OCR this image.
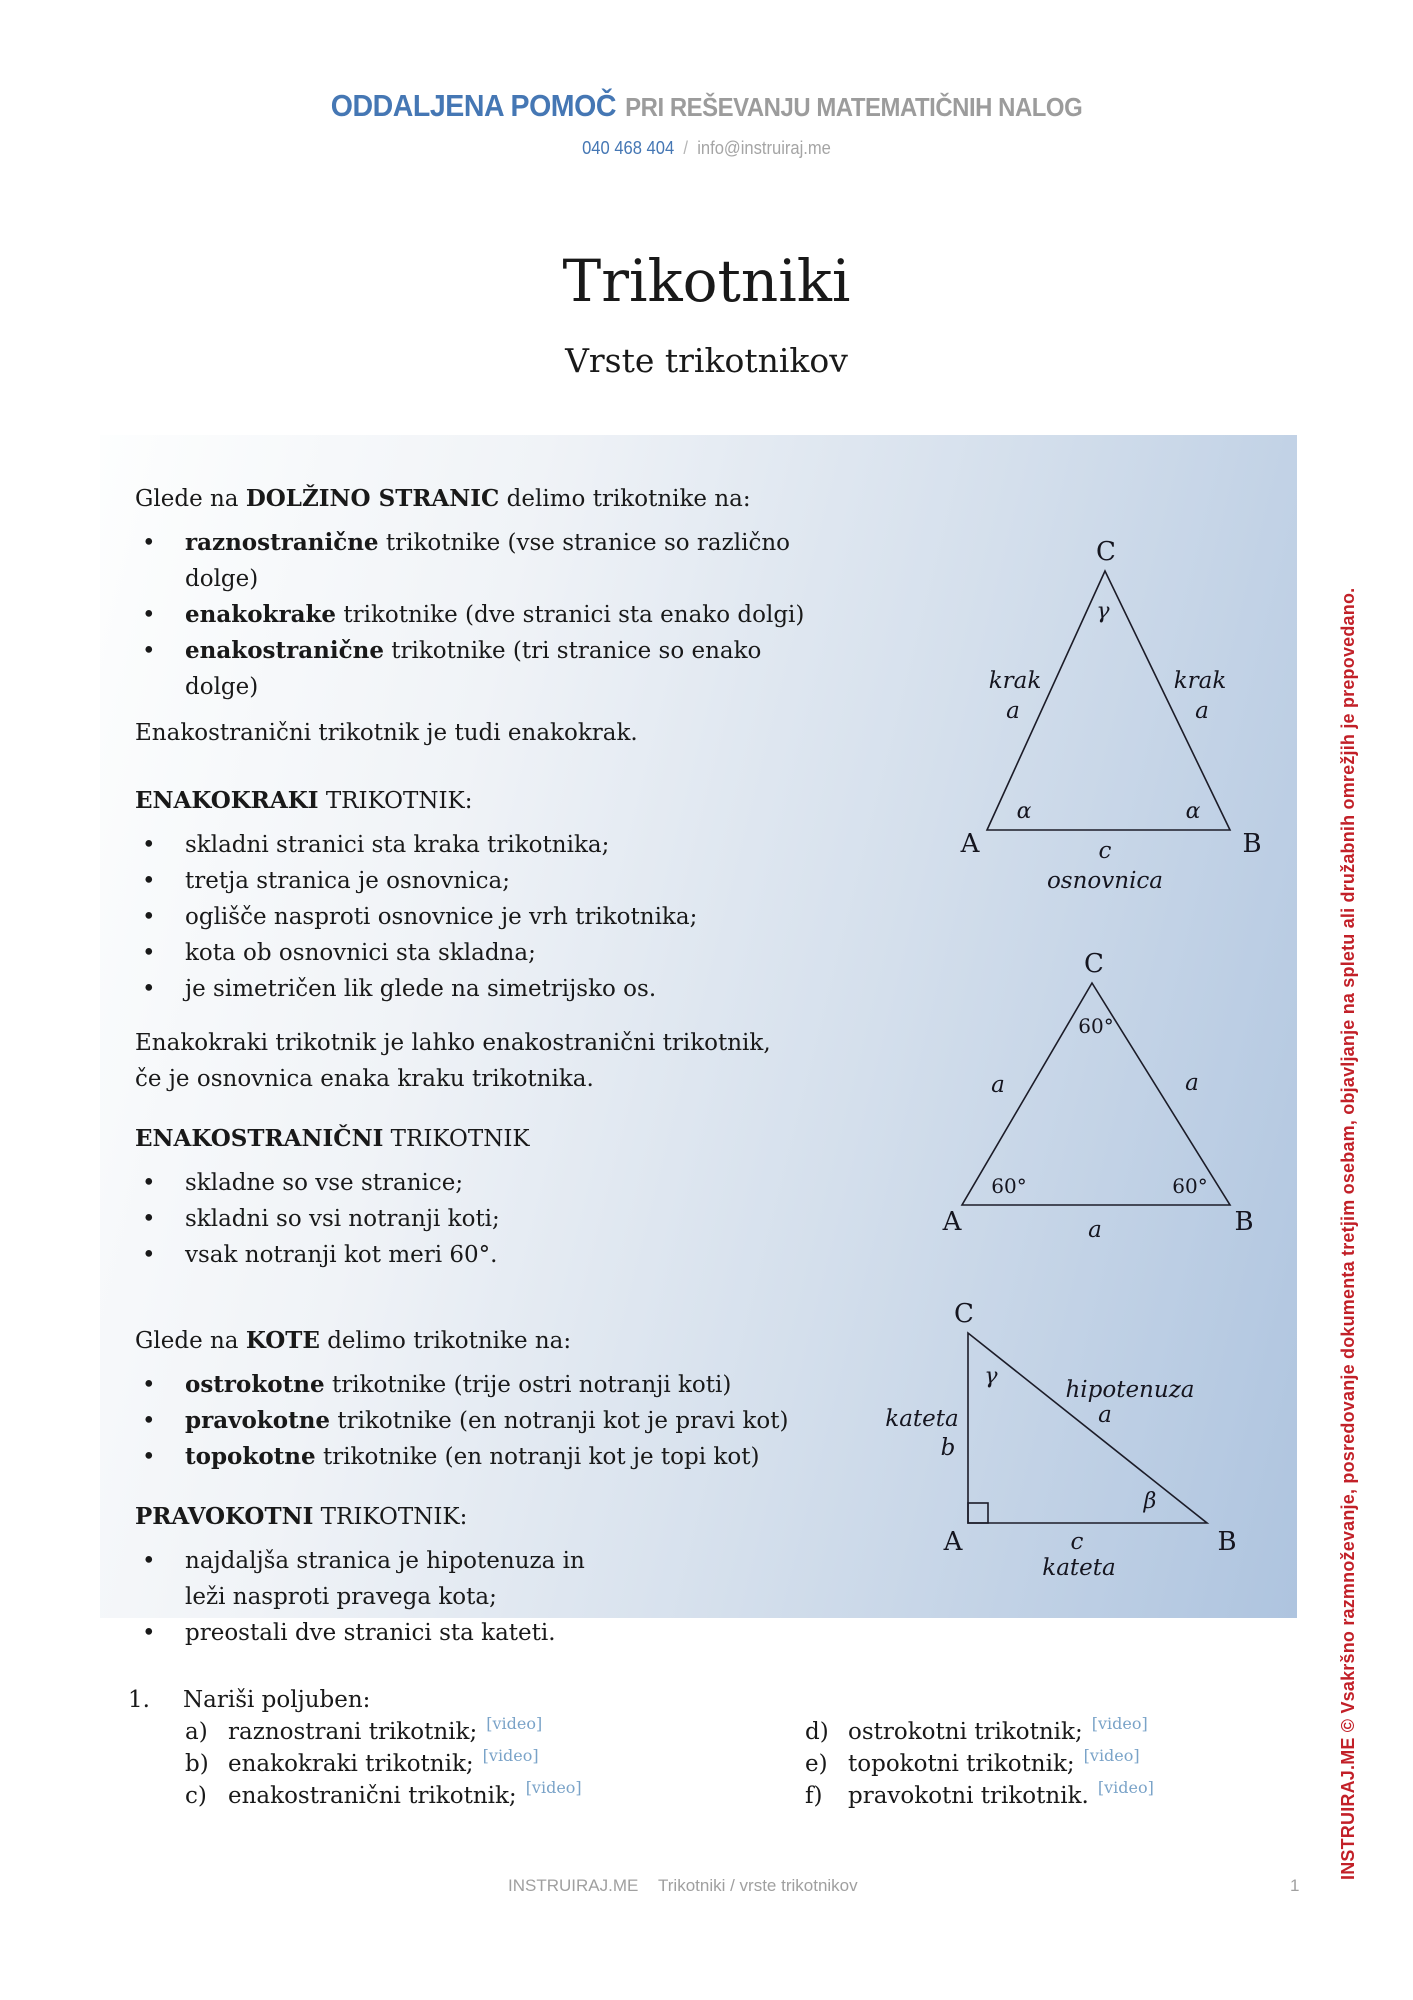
ODDALJENA POMOČ PRI REŠEVANJU MATEMATIČNIH NALOG
040 468 404 / info@instruiraj.me
Trikotniki
Vrste trikotnikov

Glede na DOLŽINO STRANIC delimo trikotnike na:

•
raznostranične trikotnike (vse stranice so različno dolge)
•
enakokrake trikotnike (dve stranici sta enako dolgi)
•
enakostranične trikotnike (tri stranice so enako dolge)

Enakostranični trikotnik je tudi enakokrak.

ENAKOKRAKI TRIKOTNIK:

•
skladni stranici sta kraka trikotnika;
•
tretja stranica je osnovnica;
•
oglišče nasproti osnovnice je vrh trikotnika;
•
kota ob osnovnici sta skladna;
•
je simetričen lik glede na simetrijsko os.

Enakokraki trikotnik je lahko enakostranični trikotnik,
če je osnovnica enaka kraku trikotnika.

ENAKOSTRANIČNI TRIKOTNIK

•
skladne so vse stranice;
•
skladni so vsi notranji koti;
•
vsak notranji kot meri 60°.

Glede na KOTE delimo trikotnike na:

•
ostrokotne trikotnike (trije ostri notranji koti)
•
pravokotne trikotnike (en notranji kot je pravi kot)
•
topokotne trikotnike (en notranji kot je topi kot)

PRAVOKOTNI TRIKOTNIK:

•
najdaljša stranica je hipotenuza in
leži nasproti pravega kota;
•
preostali dve stranici sta kateti.
C
γ
krak
a
krak
a
α	α
A	B
c
osnovnica
C
60°
a	a
60°	60°
A	B
a
C
γ
hipotenuza
a
kateta
b
β
A	B
c
kateta
1.	Nariši poljuben:
a) raznostrani trikotnik; [video]
b) enakokraki trikotnik; [video]
c) enakostranični trikotnik; [video]
d) ostrokotni trikotnik; [video]
e) topokotni trikotnik; [video]
f)	pravokotni trikotnik. [video]
INSTRUIRAJ.ME Trikotniki / vrste trikotnikov	1
INSTRUIRAJ.ME © Vsakršno razmnoževanje, posredovanje dokumenta tretjim osebam, objavljanje na spletu ali družabnih omrežjih je prepovedano.
